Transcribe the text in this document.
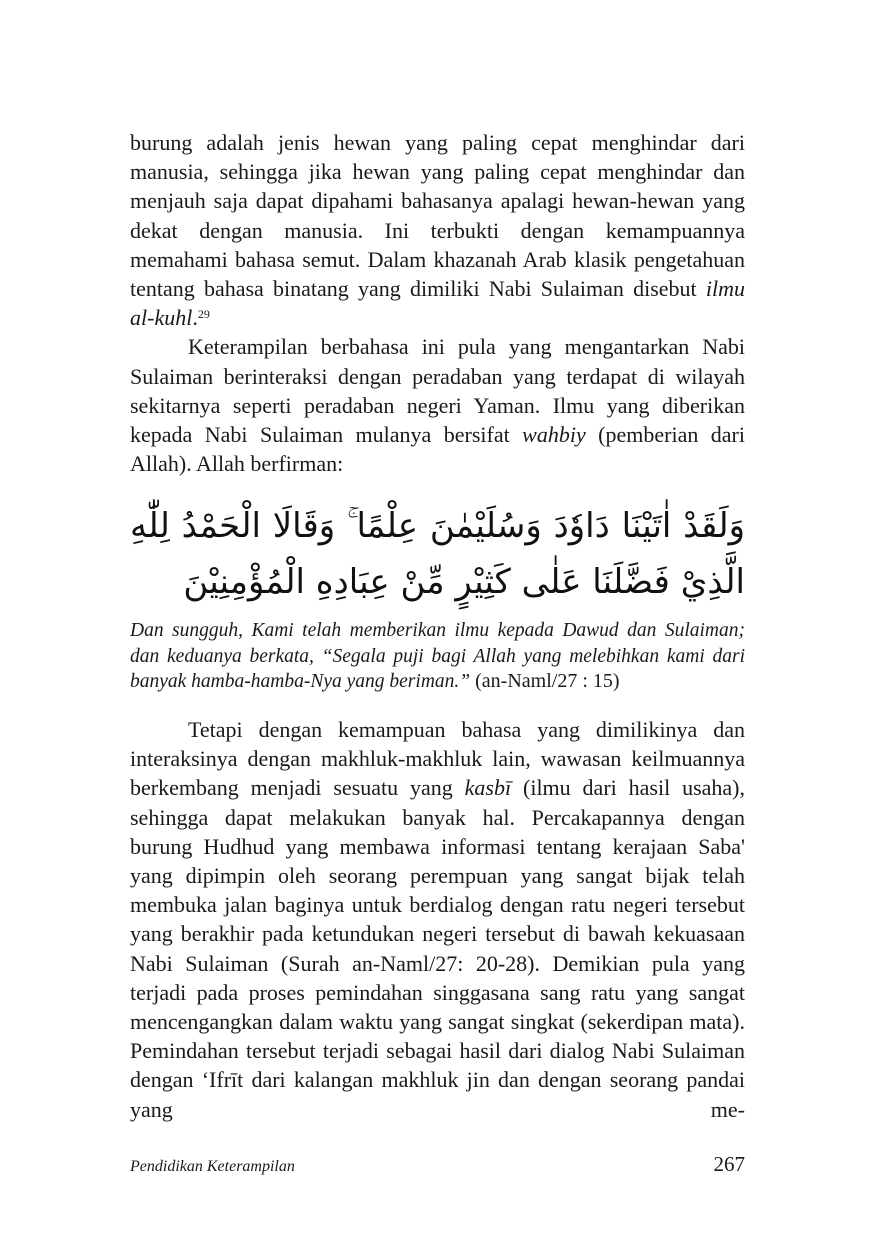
burung adalah jenis hewan yang paling cepat menghindar dari manusia, sehingga jika hewan yang paling cepat menghindar dan menjauh saja dapat dipahami bahasanya apalagi hewan-hewan yang dekat dengan manusia. Ini terbukti dengan kemampuannya memahami bahasa semut. Dalam khazanah Arab klasik pengetahuan tentang bahasa binatang yang dimiliki Nabi Sulaiman disebut ilmu al-kuhl.$^{29}$

Keterampilan berbahasa ini pula yang mengantarkan Nabi Sulaiman berinteraksi dengan peradaban yang terdapat di wilayah sekitarnya seperti peradaban negeri Yaman. Ilmu yang diberikan kepada Nabi Sulaiman mulanya bersifat wahbiy (pemberian dari Allah). Allah berfirman:

وَلَقَدْ اٰتَيْنَا دَاوٗدَ وَسُلَيْمٰنَ عِلْمًا ۚ وَقَالَا الْحَمْدُ لِلّٰهِ الَّذِيْ فَضَّلَنَا عَلٰى كَثِيْرٍ مِّنْ عِبَادِهِ الْمُؤْمِنِيْنَ

Dan sungguh, Kami telah memberikan ilmu kepada Dawud dan Sulaiman; dan keduanya berkata, “Segala puji bagi Allah yang melebihkan kami dari banyak hamba-hamba-Nya yang beriman.” (an-Naml/27 : 15)

Tetapi dengan kemampuan bahasa yang dimilikinya dan interaksinya dengan makhluk-makhluk lain, wawasan keilmuannya berkembang menjadi sesuatu yang kasbī (ilmu dari hasil usaha), sehingga dapat melakukan banyak hal. Percakapannya dengan burung Hudhud yang membawa informasi tentang kerajaan Saba' yang dipimpin oleh seorang perempuan yang sangat bijak telah membuka jalan baginya untuk berdialog dengan ratu negeri tersebut yang berakhir pada ketundukan negeri tersebut di bawah kekuasaan Nabi Sulaiman (Surah an-Naml/27: 20-28). Demikian pula yang terjadi pada proses pemindahan singgasana sang ratu yang sangat mencengangkan dalam waktu yang sangat singkat (sekerdipan mata). Pemindahan tersebut terjadi sebagai hasil dari dialog Nabi Sulaiman dengan ‘Ifrīt dari kalangan makhluk jin dan dengan seorang pandai yang me-

Pendidikan Keterampilan	267
